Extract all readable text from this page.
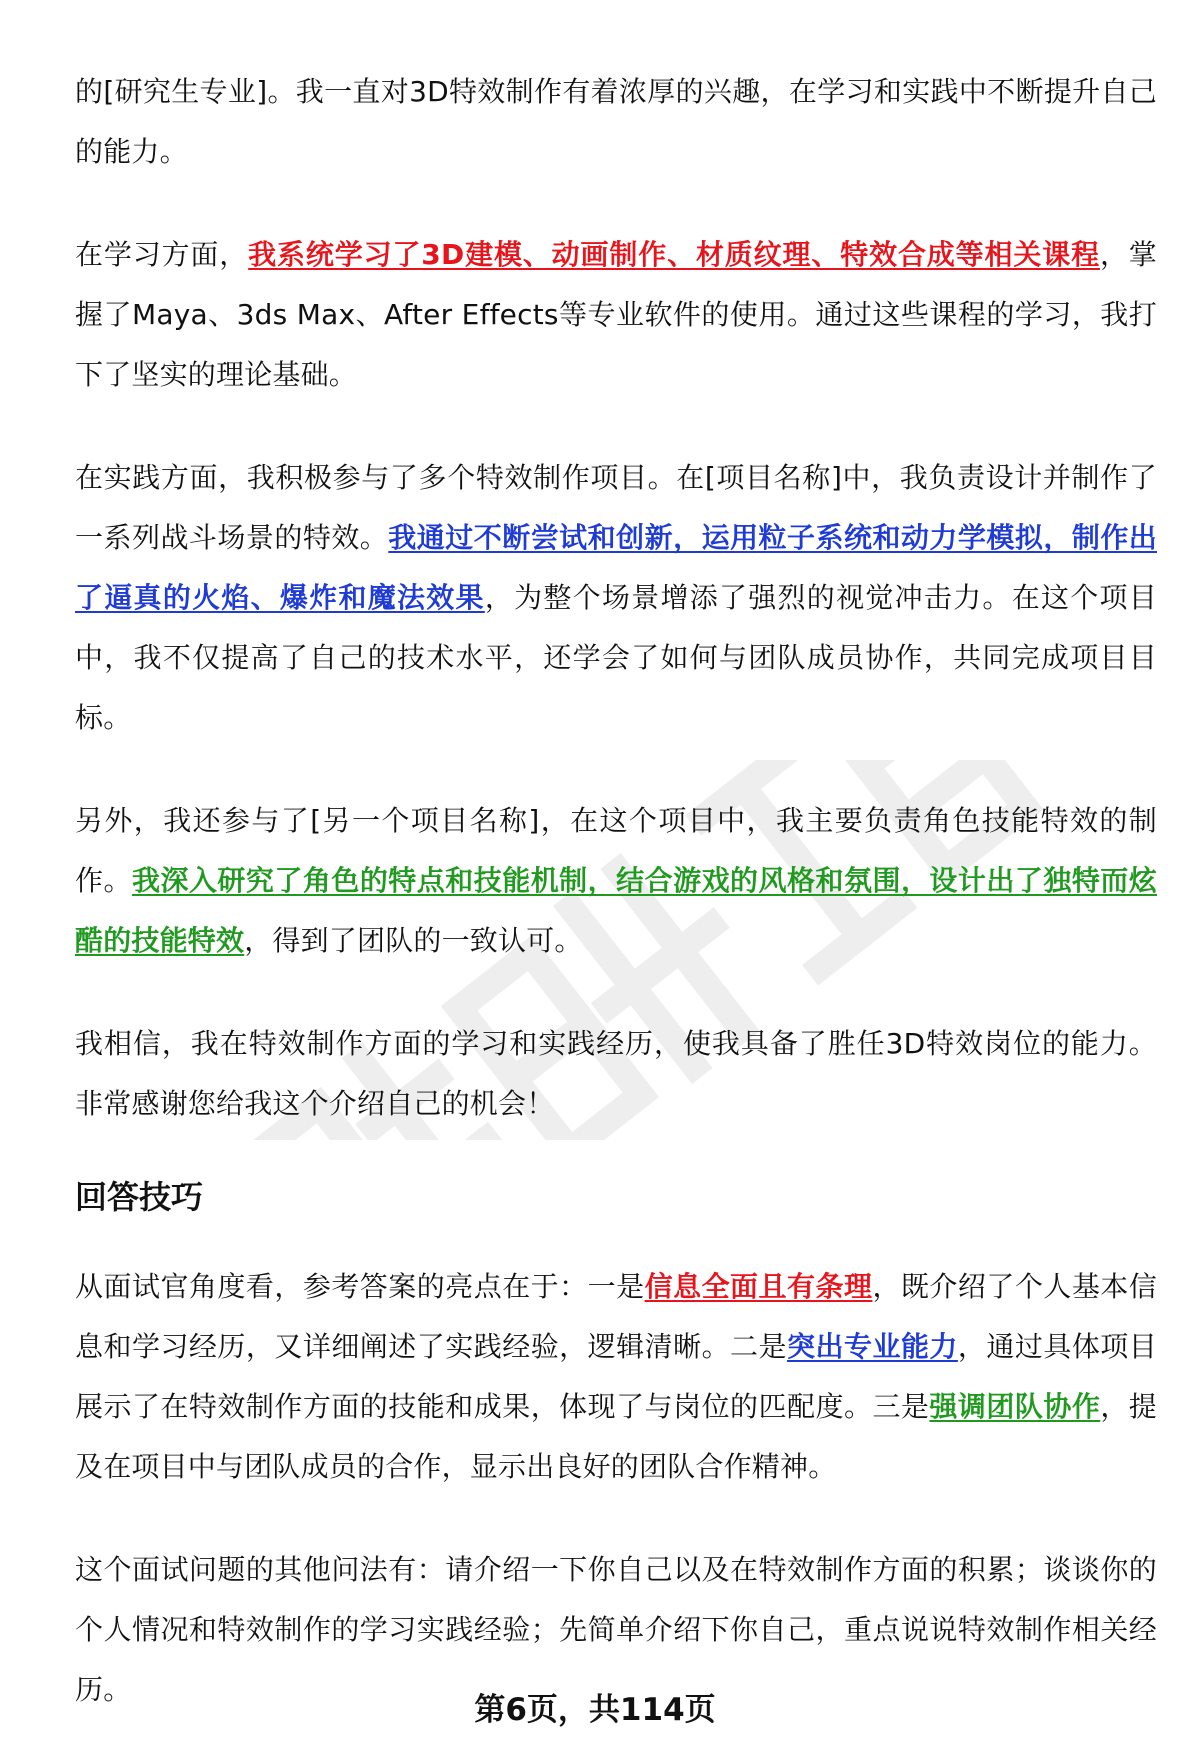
的[研究生专业]。我一直对3D特效制作有着浓厚的兴趣，在学习和实践中不断提升自己的能力。

在学习方面，我系统学习了3D建模、动画制作、材质纹理、特效合成等相关课程，掌握了Maya、3ds Max、After Effects等专业软件的使用。通过这些课程的学习，我打下了坚实的理论基础。

在实践方面，我积极参与了多个特效制作项目。在[项目名称]中，我负责设计并制作了一系列战斗场景的特效。我通过不断尝试和创新，运用粒子系统和动力学模拟，制作出了逼真的火焰、爆炸和魔法效果，为整个场景增添了强烈的视觉冲击力。在这个项目中，我不仅提高了自己的技术水平，还学会了如何与团队成员协作，共同完成项目目标。

另外，我还参与了[另一个项目名称]，在这个项目中，我主要负责角色技能特效的制作。我深入研究了角色的特点和技能机制，结合游戏的风格和氛围，设计出了独特而炫酷的技能特效，得到了团队的一致认可。

我相信，我在特效制作方面的学习和实践经历，使我具备了胜任3D特效岗位的能力。非常感谢您给我这个介绍自己的机会！

回答技巧

从面试官角度看，参考答案的亮点在于：一是信息全面且有条理，既介绍了个人基本信息和学习经历，又详细阐述了实践经验，逻辑清晰。二是突出专业能力，通过具体项目展示了在特效制作方面的技能和成果，体现了与岗位的匹配度。三是强调团队协作，提及在项目中与团队成员的合作，显示出良好的团队合作精神。

这个面试问题的其他问法有：请介绍一下你自己以及在特效制作方面的积累；谈谈你的个人情况和特效制作的学习实践经验；先简单介绍下你自己，重点说说特效制作相关经历。

第6页，共114页
